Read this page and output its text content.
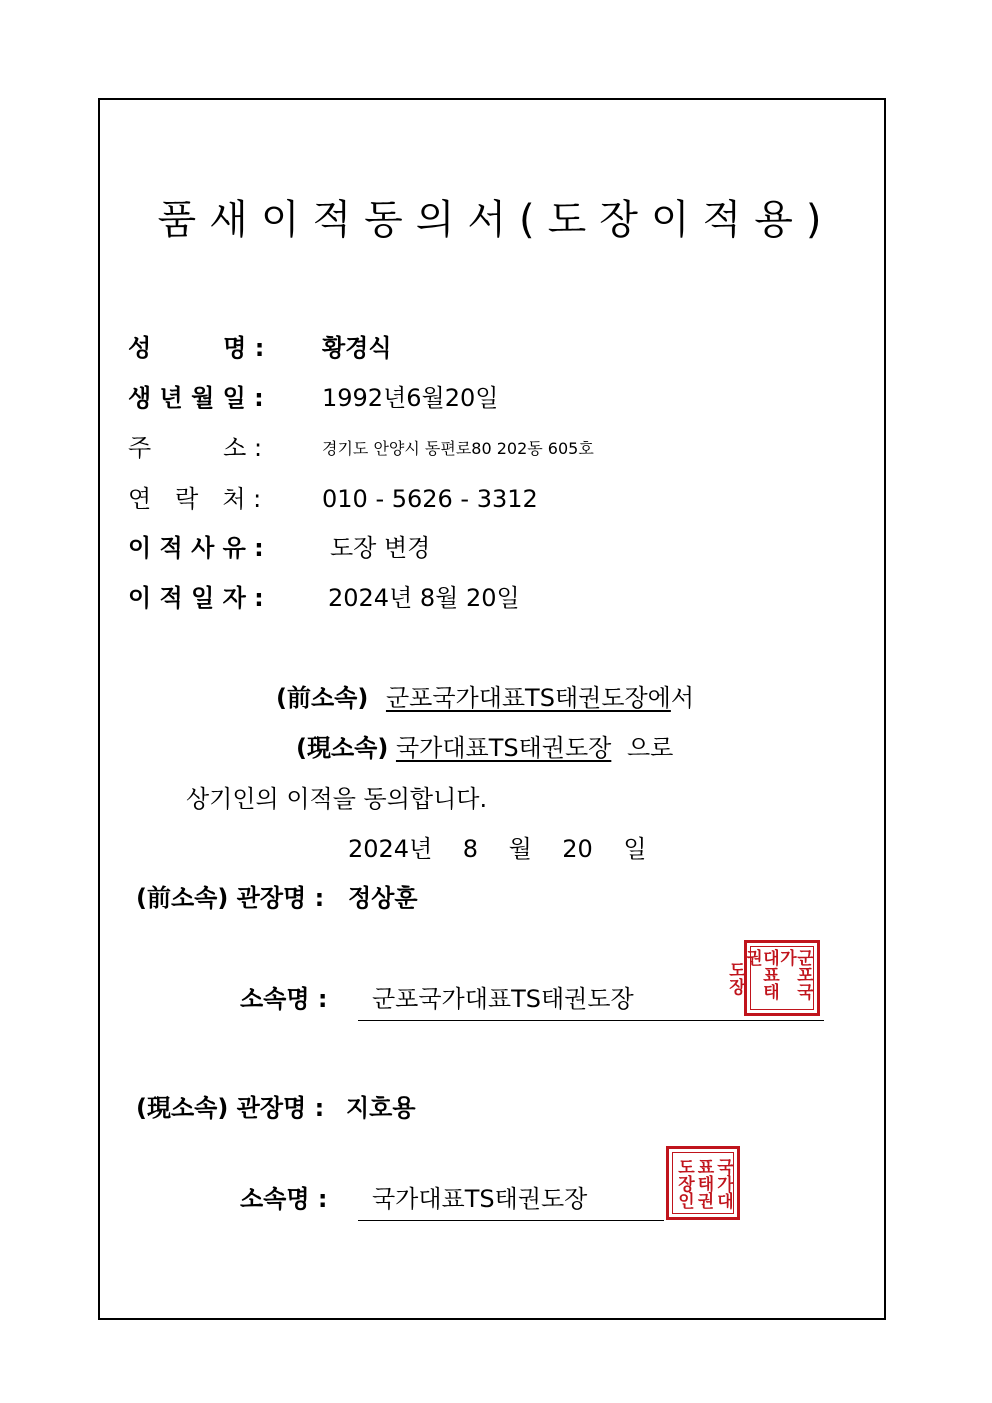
품새이적동의서(도장이적용)
성　　　명 : 황경식
생 년 월 일 : 1992년6월20일
주　　　소 :	경기도 안양시 동편로80 202동 605호
연　락　처 :	010 - 5626 - 3312
이 적 사 유 :	도장 변경
이 적 일 자 :	2024년 8월 20일
(前소속) 군포국가대표TS태권도장에서
(現소속) 국가대표TS태권도장 으로
상기인의 이적을 동의합니다.
2024년    8    월    20    일
(前소속) 관장명 : 정상훈
소속명 : 군포국가대표TS태권도장	군포국가
대표태권
도장
(現소속) 관장명 : 지호용
소속명 : 국가대표TS태권도장	국가대
표태권
도장인
